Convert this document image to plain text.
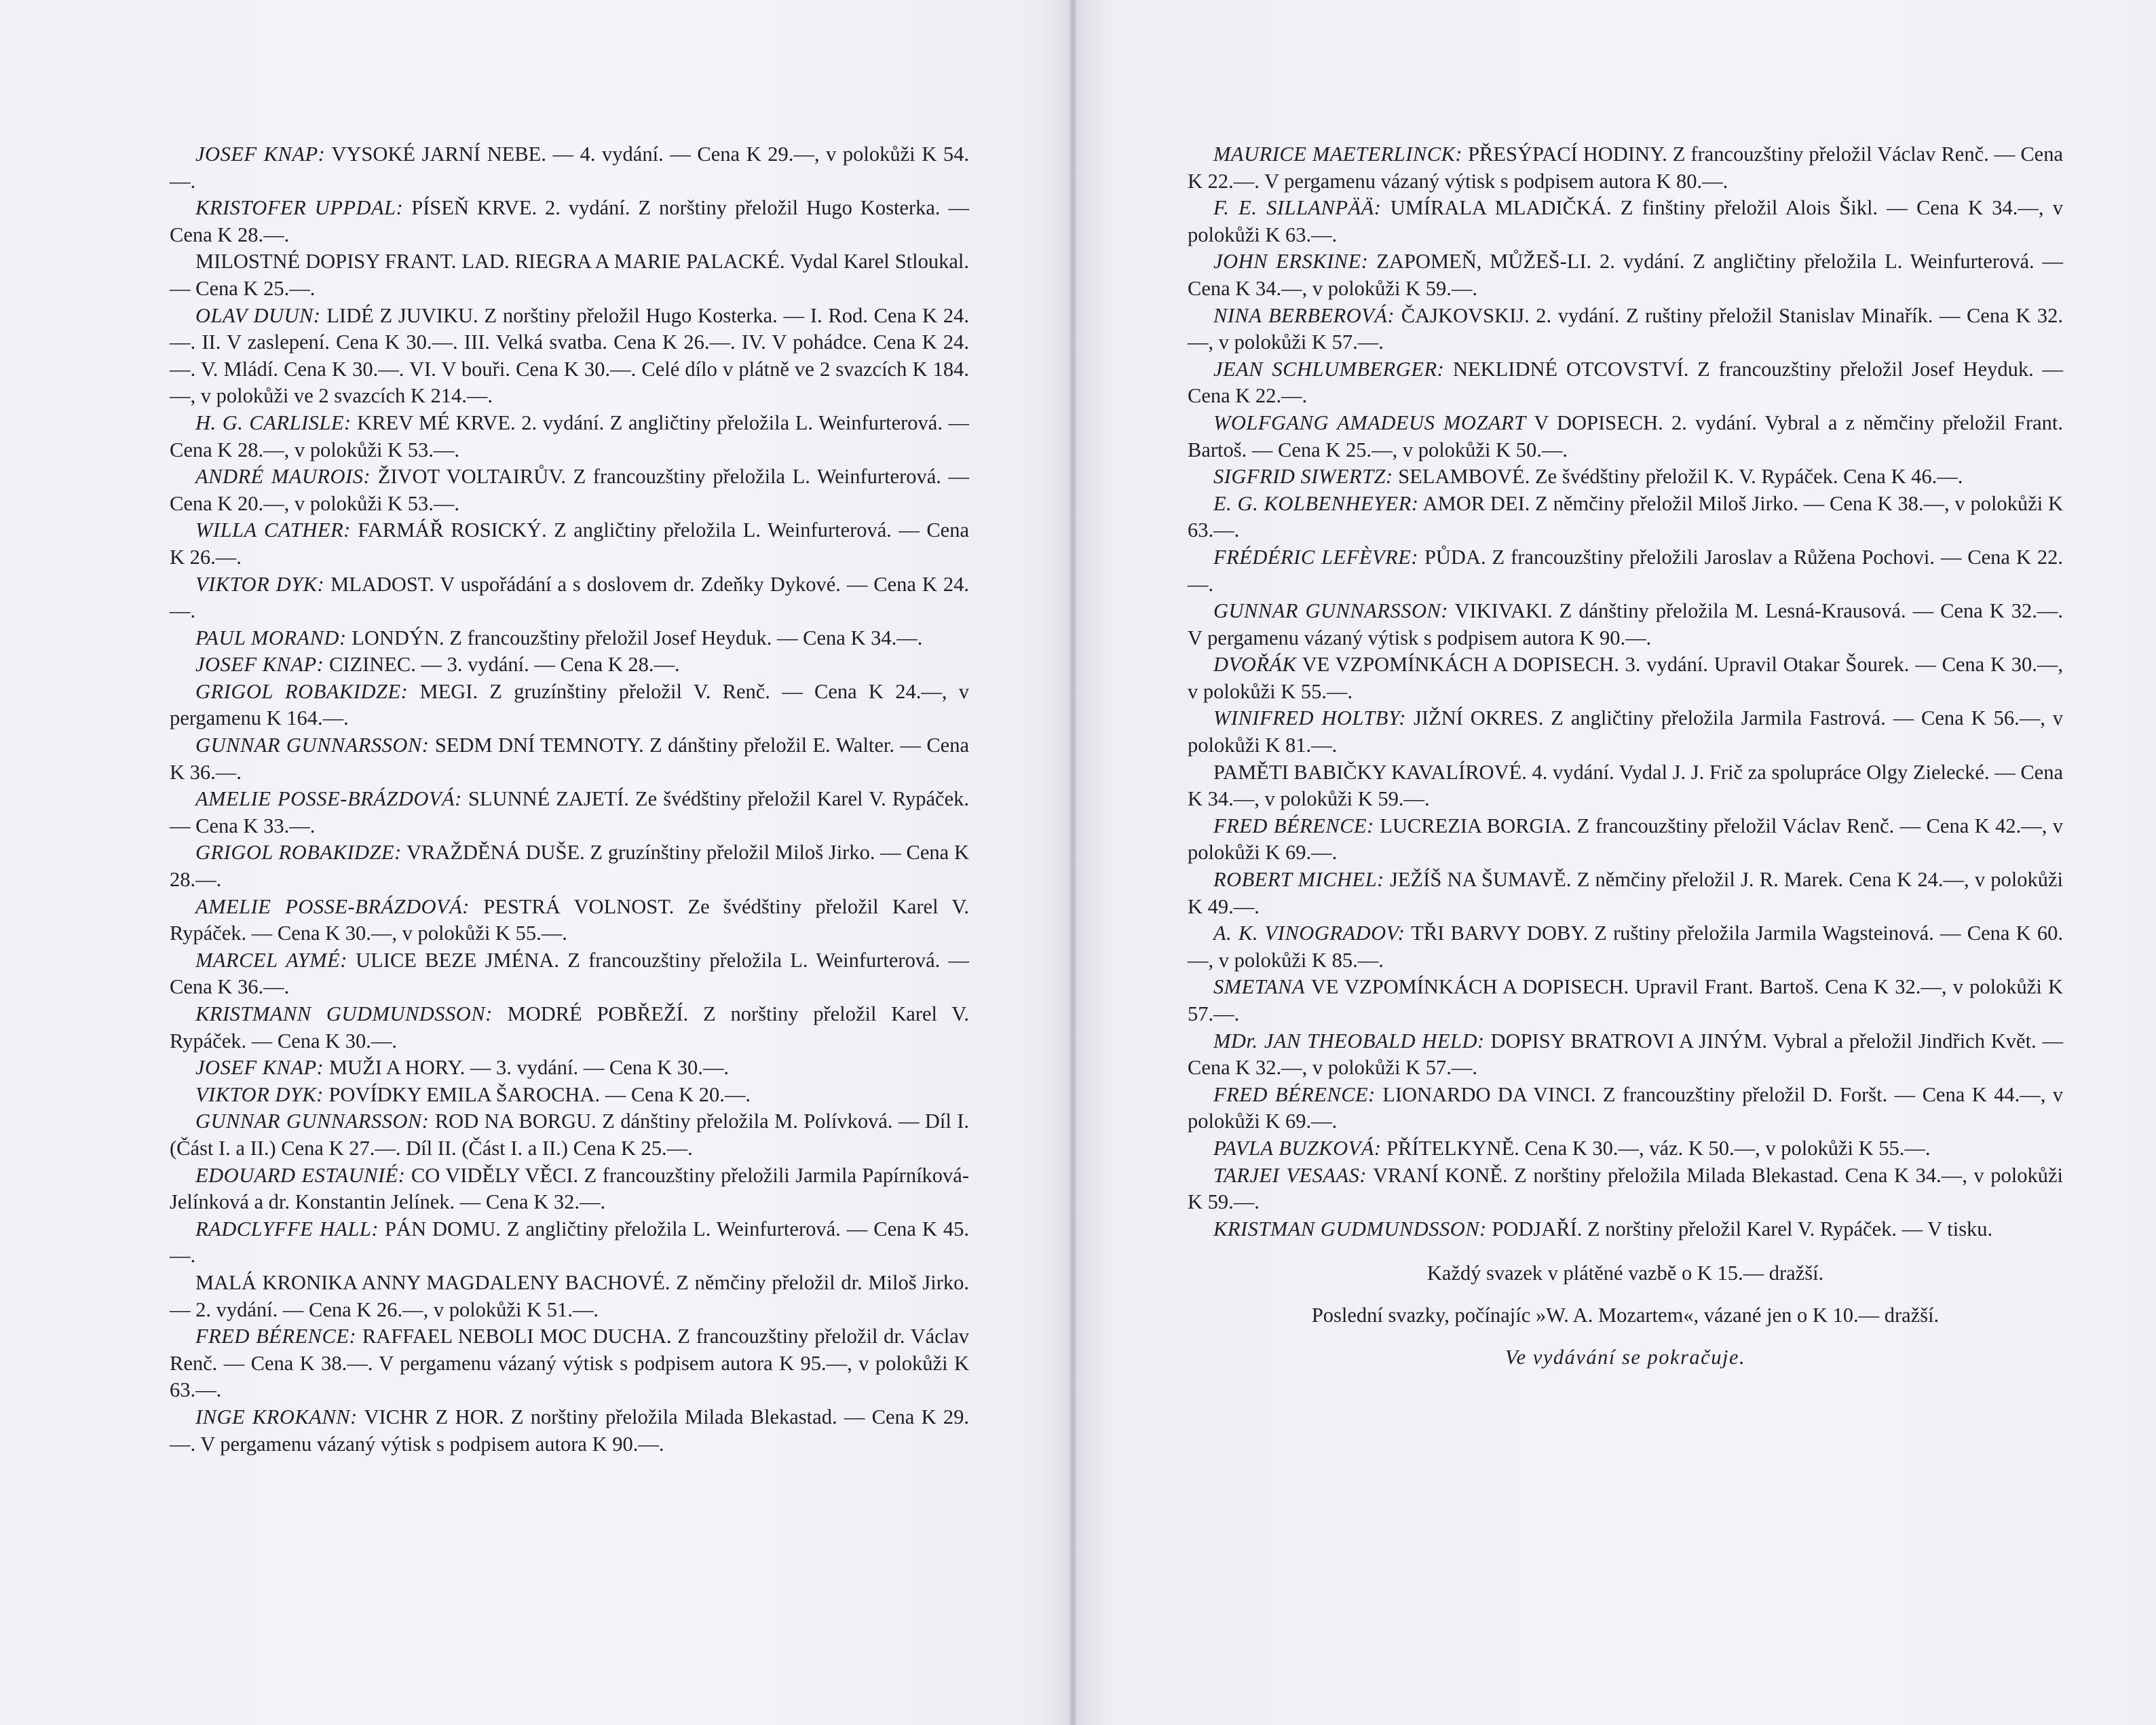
JOSEF KNAP: VYSOKÉ JARNÍ NEBE. — 4. vydání. — Cena K 29.—, v polokůži K 54.—.

KRISTOFER UPPDAL: PÍSEŇ KRVE. 2. vydání. Z norštiny přeložil Hugo Kosterka. — Cena K 28.—.

MILOSTNÉ DOPISY FRANT. LAD. RIEGRA A MARIE PALACKÉ. Vydal Karel Stloukal. — Cena K 25.—.

OLAV DUUN: LIDÉ Z JUVIKU. Z norštiny přeložil Hugo Kosterka. — I. Rod. Cena K 24.—. II. V zaslepení. Cena K 30.—. III. Velká svatba. Cena K 26.—. IV. V pohádce. Cena K 24.—. V. Mládí. Cena K 30.—. VI. V bouři. Cena K 30.—. Celé dílo v plátně ve 2 svazcích K 184.—, v polokůži ve 2 svazcích K 214.—.

H. G. CARLISLE: KREV MÉ KRVE. 2. vydání. Z angličtiny přeložila L. Weinfurterová. — Cena K 28.—, v polokůži K 53.—.

ANDRÉ MAUROIS: ŽIVOT VOLTAIRŮV. Z francouzštiny přeložila L. Weinfurterová. — Cena K 20.—, v polokůži K 53.—.

WILLA CATHER: FARMÁŘ ROSICKÝ. Z angličtiny přeložila L. Weinfurterová. — Cena K 26.—.

VIKTOR DYK: MLADOST. V uspořádání a s doslovem dr. Zdeňky Dykové. — Cena K 24.—.

PAUL MORAND: LONDÝN. Z francouzštiny přeložil Josef Heyduk. — Cena K 34.—.

JOSEF KNAP: CIZINEC. — 3. vydání. — Cena K 28.—.

GRIGOL ROBAKIDZE: MEGI. Z gruzínštiny přeložil V. Renč. — Cena K 24.—, v pergamenu K 164.—.

GUNNAR GUNNARSSON: SEDM DNÍ TEMNOTY. Z dánštiny přeložil E. Walter. — Cena K 36.—.

AMELIE POSSE-BRÁZDOVÁ: SLUNNÉ ZAJETÍ. Ze švédštiny přeložil Karel V. Rypáček. — Cena K 33.—.

GRIGOL ROBAKIDZE: VRAŽDĚNÁ DUŠE. Z gruzínštiny přeložil Miloš Jirko. — Cena K 28.—.

AMELIE POSSE-BRÁZDOVÁ: PESTRÁ VOLNOST. Ze švédštiny přeložil Karel V. Rypáček. — Cena K 30.—, v polokůži K 55.—.

MARCEL AYMÉ: ULICE BEZE JMÉNA. Z francouzštiny přeložila L. Weinfurterová. — Cena K 36.—.

KRISTMANN GUDMUNDSSON: MODRÉ POBŘEŽÍ. Z norštiny přeložil Karel V. Rypáček. — Cena K 30.—.

JOSEF KNAP: MUŽI A HORY. — 3. vydání. — Cena K 30.—.

VIKTOR DYK: POVÍDKY EMILA ŠAROCHA. — Cena K 20.—.

GUNNAR GUNNARSSON: ROD NA BORGU. Z dánštiny přeložila M. Polívková. — Díl I. (Část I. a II.) Cena K 27.—. Díl II. (Část I. a II.) Cena K 25.—.

EDOUARD ESTAUNIÉ: CO VIDĚLY VĚCI. Z francouzštiny přeložili Jarmila Papírníková-Jelínková a dr. Konstantin Jelínek. — Cena K 32.—.

RADCLYFFE HALL: PÁN DOMU. Z angličtiny přeložila L. Weinfurterová. — Cena K 45.—.

MALÁ KRONIKA ANNY MAGDALENY BACHOVÉ. Z němčiny přeložil dr. Miloš Jirko. — 2. vydání. — Cena K 26.—, v polokůži K 51.—.

FRED BÉRENCE: RAFFAEL NEBOLI MOC DUCHA. Z francouzštiny přeložil dr. Václav Renč. — Cena K 38.—. V pergamenu vázaný výtisk s podpisem autora K 95.—, v polokůži K 63.—.

INGE KROKANN: VICHR Z HOR. Z norštiny přeložila Milada Blekastad. — Cena K 29.—. V pergamenu vázaný výtisk s podpisem autora K 90.—.

MAURICE MAETERLINCK: PŘESÝPACÍ HODINY. Z francouzštiny přeložil Václav Renč. — Cena K 22.—. V pergamenu vázaný výtisk s podpisem autora K 80.—.

F. E. SILLANPÄÄ: UMÍRALA MLADIČKÁ. Z finštiny přeložil Alois Šikl. — Cena K 34.—, v polokůži K 63.—.

JOHN ERSKINE: ZAPOMEŇ, MŮŽEŠ-LI. 2. vydání. Z angličtiny přeložila L. Weinfurterová. — Cena K 34.—, v polokůži K 59.—.

NINA BERBEROVÁ: ČAJKOVSKIJ. 2. vydání. Z ruštiny přeložil Stanislav Minařík. — Cena K 32.—, v polokůži K 57.—.

JEAN SCHLUMBERGER: NEKLIDNÉ OTCOVSTVÍ. Z francouzštiny přeložil Josef Heyduk. — Cena K 22.—.

WOLFGANG AMADEUS MOZART V DOPISECH. 2. vydání. Vybral a z němčiny přeložil Frant. Bartoš. — Cena K 25.—, v polokůži K 50.—.

SIGFRID SIWERTZ: SELAMBOVÉ. Ze švédštiny přeložil K. V. Rypáček. Cena K 46.—.

E. G. KOLBENHEYER: AMOR DEI. Z němčiny přeložil Miloš Jirko. — Cena K 38.—, v polokůži K 63.—.

FRÉDÉRIC LEFÈVRE: PŮDA. Z francouzštiny přeložili Jaroslav a Růžena Pochovi. — Cena K 22.—.

GUNNAR GUNNARSSON: VIKIVAKI. Z dánštiny přeložila M. Lesná-Krausová. — Cena K 32.—. V pergamenu vázaný výtisk s podpisem autora K 90.—.

DVOŘÁK VE VZPOMÍNKÁCH A DOPISECH. 3. vydání. Upravil Otakar Šourek. — Cena K 30.—, v polokůži K 55.—.

WINIFRED HOLTBY: JIŽNÍ OKRES. Z angličtiny přeložila Jarmila Fastrová. — Cena K 56.—, v polokůži K 81.—.

PAMĚTI BABIČKY KAVALÍROVÉ. 4. vydání. Vydal J. J. Frič za spolupráce Olgy Zielecké. — Cena K 34.—, v polokůži K 59.—.

FRED BÉRENCE: LUCREZIA BORGIA. Z francouzštiny přeložil Václav Renč. — Cena K 42.—, v polokůži K 69.—.

ROBERT MICHEL: JEŽÍŠ NA ŠUMAVĚ. Z němčiny přeložil J. R. Marek. Cena K 24.—, v polokůži K 49.—.

A. K. VINOGRADOV: TŘI BARVY DOBY. Z ruštiny přeložila Jarmila Wagsteinová. — Cena K 60.—, v polokůži K 85.—.

SMETANA VE VZPOMÍNKÁCH A DOPISECH. Upravil Frant. Bartoš. Cena K 32.—, v polokůži K 57.—.

MDr. JAN THEOBALD HELD: DOPISY BRATROVI A JINÝM. Vybral a přeložil Jindřich Květ. — Cena K 32.—, v polokůži K 57.—.

FRED BÉRENCE: LIONARDO DA VINCI. Z francouzštiny přeložil D. Foršt. — Cena K 44.—, v polokůži K 69.—.

PAVLA BUZKOVÁ: PŘÍTELKYNĚ. Cena K 30.—, váz. K 50.—, v polokůži K 55.—.

TARJEI VESAAS: VRANÍ KONĚ. Z norštiny přeložila Milada Blekastad. Cena K 34.—, v polokůži K 59.—.

KRISTMAN GUDMUNDSSON: PODJAŘÍ. Z norštiny přeložil Karel V. Rypáček. — V tisku.

Každý svazek v plátěné vazbě o K 15.— dražší.

Poslední svazky, počínajíc »W. A. Mozartem«, vázané jen o K 10.— dražší.

Ve vydávání se pokračuje.
